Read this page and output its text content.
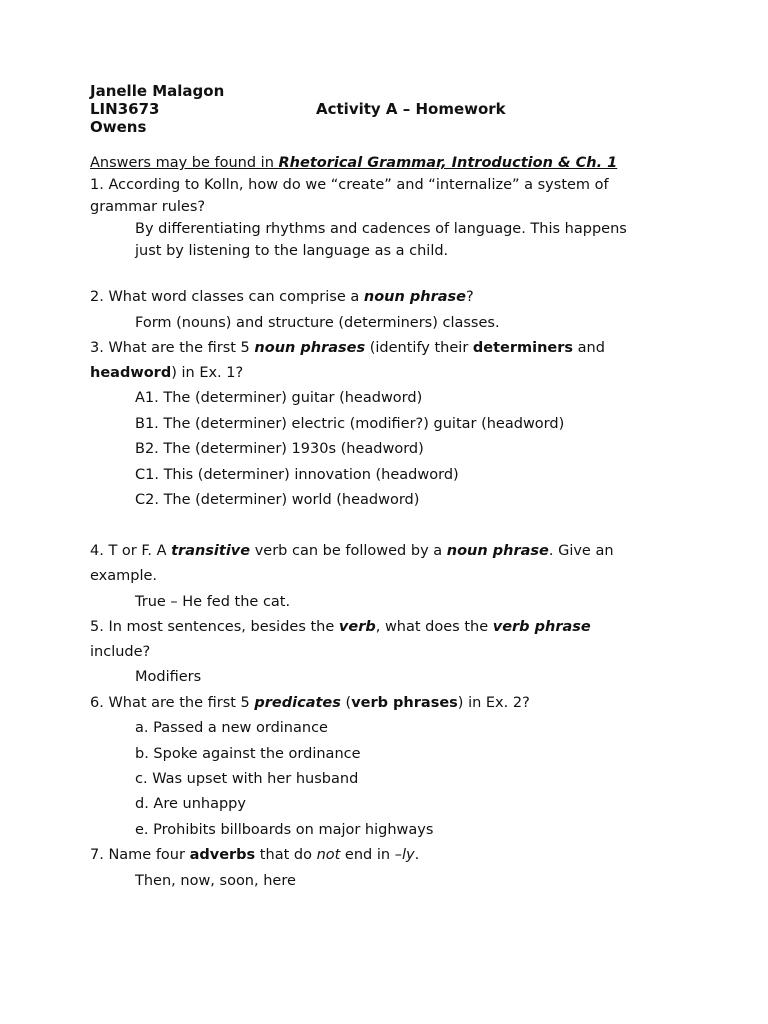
Janelle Malagon
LIN3673	Activity A – Homework
Owens
Answers may be found in Rhetorical Grammar, Introduction & Ch. 1
1. According to Kolln, how do we “create” and “internalize” a system of
grammar rules?
By differentiating rhythms and cadences of language. This happens
just by listening to the language as a child.
2. What word classes can comprise a noun phrase?
Form (nouns) and structure (determiners) classes.
3. What are the first 5 noun phrases (identify their determiners and
headword) in Ex. 1?
A1. The (determiner) guitar (headword)
B1. The (determiner) electric (modifier?) guitar (headword)
B2. The (determiner) 1930s (headword)
C1. This (determiner) innovation (headword)
C2. The (determiner) world (headword)
4. T or F. A transitive verb can be followed by a noun phrase. Give an
example.
True – He fed the cat.
5. In most sentences, besides the verb, what does the verb phrase
include?
Modifiers
6. What are the first 5 predicates (verb phrases) in Ex. 2?
a. Passed a new ordinance
b. Spoke against the ordinance
c. Was upset with her husband
d. Are unhappy
e. Prohibits billboards on major highways
7. Name four adverbs that do not end in –ly.
Then, now, soon, here
